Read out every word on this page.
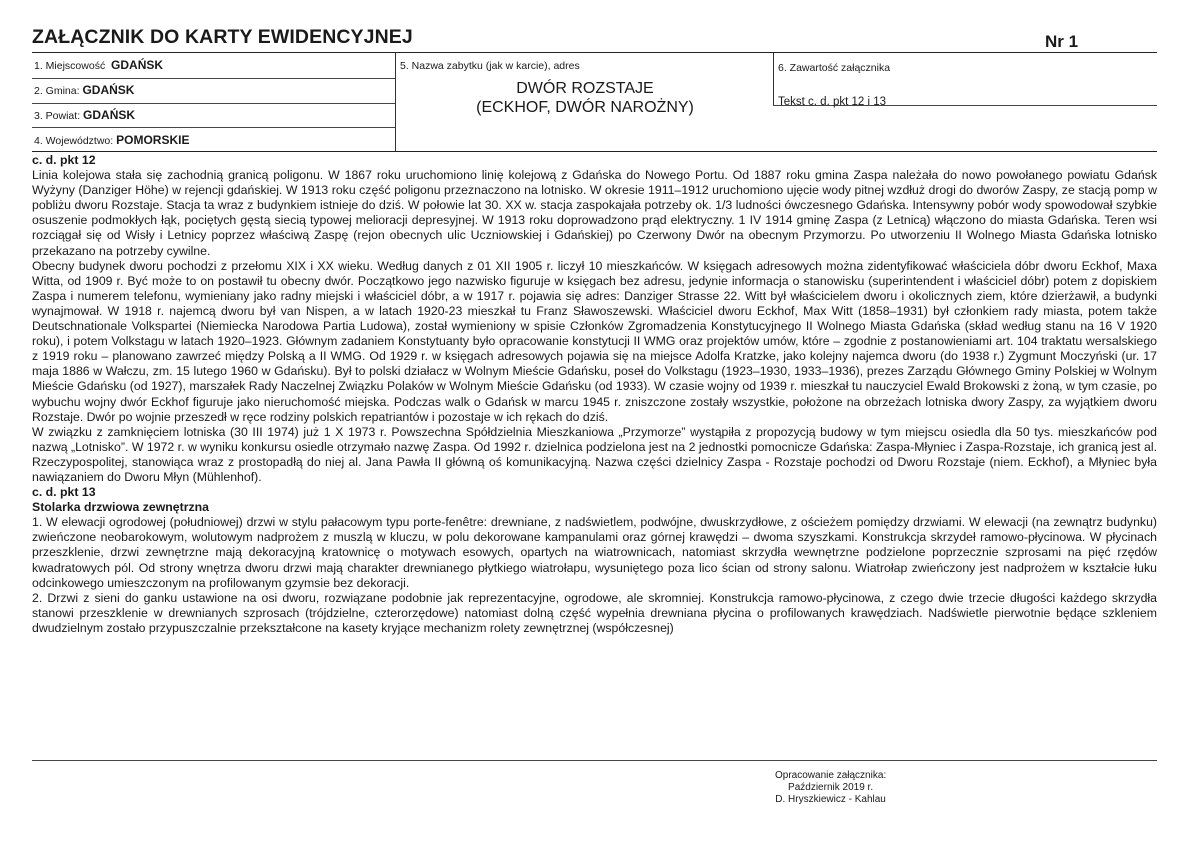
ZAŁĄCZNIK DO KARTY EWIDENCYJNEJ	Nr 1
1. Miejscowość GDAŃSK
2. Gmina: GDAŃSK
3. Powiat: GDAŃSK
4. Województwo: POMORSKIE
5. Nazwa zabytku (jak w karcie), adres
DWÓR ROZSTAJE
(ECKHOF, DWÓR NAROŻNY)
6. Zawartość załącznika
Tekst c. d. pkt 12 i 13

c. d. pkt 12

Linia kolejowa stała się zachodnią granicą poligonu. W 1867 roku uruchomiono linię kolejową z Gdańska do Nowego Portu. Od 1887 roku gmina Zaspa należała do nowo powołanego powiatu Gdańsk Wyżyny (Danziger Höhe) w rejencji gdańskiej. W 1913 roku część poligonu przeznaczono na lotnisko. W okresie 1911–1912 uruchomiono ujęcie wody pitnej wzdłuż drogi do dworów Zaspy, ze stacją pomp w pobliżu dworu Rozstaje. Stacja ta wraz z budynkiem istnieje do dziś. W połowie lat 30. XX w. stacja zaspokajała potrzeby ok. 1/3 ludności ówczesnego Gdańska. Intensywny pobór wody spowodował szybkie osuszenie podmokłych łąk, pociętych gęstą siecią typowej melioracji depresyjnej. W 1913 roku doprowadzono prąd elektryczny. 1 IV 1914 gminę Zaspa (z Letnicą) włączono do miasta Gdańska. Teren wsi rozciągał się od Wisły i Letnicy poprzez właściwą Zaspę (rejon obecnych ulic Uczniowskiej i Gdańskiej) po Czerwony Dwór na obecnym Przymorzu. Po utworzeniu II Wolnego Miasta Gdańska lotnisko przekazano na potrzeby cywilne.

Obecny budynek dworu pochodzi z przełomu XIX i XX wieku. Według danych z 01 XII 1905 r. liczył 10 mieszkańców. W księgach adresowych można zidentyfikować właściciela dóbr dworu Eckhof, Maxa Witta, od 1909 r. Być może to on postawił tu obecny dwór. Początkowo jego nazwisko figuruje w księgach bez adresu, jedynie informacja o stanowisku (superintendent i właściciel dóbr) potem z dopiskiem Zaspa i numerem telefonu, wymieniany jako radny miejski i właściciel dóbr, a w 1917 r. pojawia się adres: Danziger Strasse 22. Witt był właścicielem dworu i okolicznych ziem, które dzierżawił, a budynki wynajmował. W 1918 r. najemcą dworu był van Nispen, a w latach 1920-23 mieszkał tu Franz Sławoszewski. Właściciel dworu Eckhof, Max Witt (1858–1931) był członkiem rady miasta, potem także Deutschnationale Volkspartei (Niemiecka Narodowa Partia Ludowa), został wymieniony w spisie Członków Zgromadzenia Konstytucyjnego II Wolnego Miasta Gdańska (skład według stanu na 16 V 1920 roku), i potem Volkstagu w latach 1920–1923. Głównym zadaniem Konstytuanty było opracowanie konstytucji II WMG oraz projektów umów, które – zgodnie z postanowieniami art. 104 traktatu wersalskiego z 1919 roku – planowano zawrzeć między Polską a II WMG. Od 1929 r. w księgach adresowych pojawia się na miejsce Adolfa Kratzke, jako kolejny najemca dworu (do 1938 r.) Zygmunt Moczyński (ur. 17 maja 1886 w Wałczu, zm. 15 lutego 1960 w Gdańsku). Był to polski działacz w Wolnym Mieście Gdańsku, poseł do Volkstagu (1923–1930, 1933–1936), prezes Zarządu Głównego Gminy Polskiej w Wolnym Mieście Gdańsku (od 1927), marszałek Rady Naczelnej Związku Polaków w Wolnym Mieście Gdańsku (od 1933). W czasie wojny od 1939 r. mieszkał tu nauczyciel Ewald Brokowski z żoną, w tym czasie, po wybuchu wojny dwór Eckhof figuruje jako nieruchomość miejska. Podczas walk o Gdańsk w marcu 1945 r. zniszczone zostały wszystkie, położone na obrzeżach lotniska dwory Zaspy, za wyjątkiem dworu Rozstaje. Dwór po wojnie przeszedł w ręce rodziny polskich repatriantów i pozostaje w ich rękach do dziś.

W związku z zamknięciem lotniska (30 III 1974) już 1 X 1973 r. Powszechna Spółdzielnia Mieszkaniowa „Przymorze” wystąpiła z propozycją budowy w tym miejscu osiedla dla 50 tys. mieszkańców pod nazwą „Lotnisko”. W 1972 r. w wyniku konkursu osiedle otrzymało nazwę Zaspa. Od 1992 r. dzielnica podzielona jest na 2 jednostki pomocnicze Gdańska: Zaspa-Młyniec i Zaspa-Rozstaje, ich granicą jest al. Rzeczypospolitej, stanowiąca wraz z prostopadłą do niej al. Jana Pawła II główną oś komunikacyjną. Nazwa części dzielnicy Zaspa - Rozstaje pochodzi od Dworu Rozstaje (niem. Eckhof), a Młyniec była nawiązaniem do Dworu Młyn (Mühlenhof).

c. d. pkt 13

Stolarka drzwiowa zewnętrzna

1. W elewacji ogrodowej (południowej) drzwi w stylu pałacowym typu porte-fenêtre: drewniane, z nadświetlem, podwójne, dwuskrzydłowe, z ościeżem pomiędzy drzwiami. W elewacji (na zewnątrz budynku) zwieńczone neobarokowym, wolutowym nadprożem z muszlą w kluczu, w polu dekorowane kampanulami oraz górnej krawędzi – dwoma szyszkami. Konstrukcja skrzydeł ramowo-płycinowa. W płycinach przeszklenie, drzwi zewnętrzne mają dekoracyjną kratownicę o motywach esowych, opartych na wiatrownicach, natomiast skrzydła wewnętrzne podzielone poprzecznie szprosami na pięć rzędów kwadratowych pól. Od strony wnętrza dworu drzwi mają charakter drewnianego płytkiego wiatrołapu, wysuniętego poza lico ścian od strony salonu. Wiatrołap zwieńczony jest nadprożem w kształcie łuku odcinkowego umieszczonym na profilowanym gzymsie bez dekoracji.

2. Drzwi z sieni do ganku ustawione na osi dworu, rozwiązane podobnie jak reprezentacyjne, ogrodowe, ale skromniej. Konstrukcja ramowo-płycinowa, z czego dwie trzecie długości każdego skrzydła stanowi przeszklenie w drewnianych szprosach (trójdzielne, czterorzędowe) natomiast dolną część wypełnia drewniana płycina o profilowanych krawędziach. Nadświetle pierwotnie będące szkleniem dwudzielnym zostało przypuszczalnie przekształcone na kasety kryjące mechanizm rolety zewnętrznej (współczesnej)

Opracowanie załącznika:
Październik 2019 r.
D. Hryszkiewicz - Kahlau
